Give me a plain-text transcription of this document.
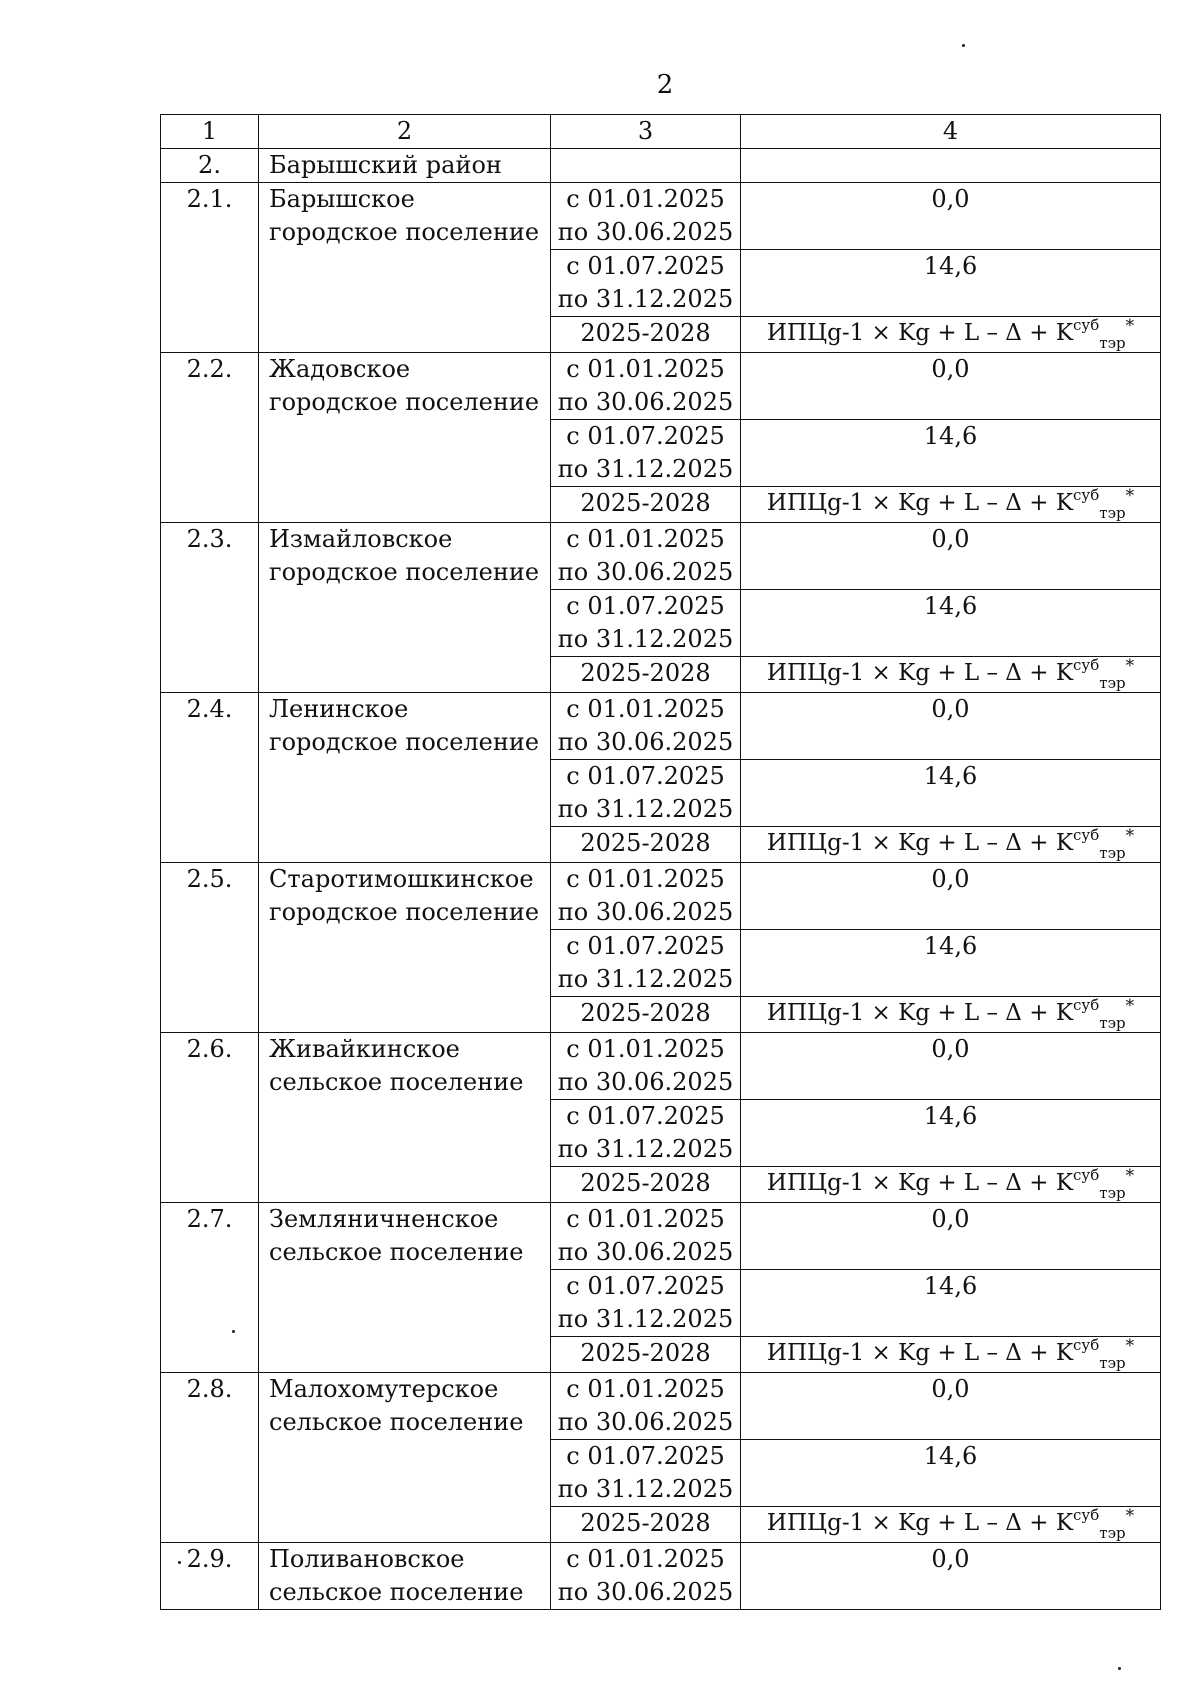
2
1	2	3	4
2.	Барышский район		
2.1.	Барышское городское поселение	с 01.01.2025 по 30.06.2025	0,0
		с 01.07.2025 по 31.12.2025	14,6
		2025-2028	ИПЦg-1 × $Kg + L - \Delta + K^{суб}_{тэр}^*$
2.2.	Жадовское городское поселение	с 01.01.2025 по 30.06.2025	0,0
		с 01.07.2025 по 31.12.2025	14,6
		2025-2028	ИПЦg-1 × $Kg + L - \Delta + K^{суб}_{тэр}^*$
2.3.	Измайловское городское поселение	с 01.01.2025 по 30.06.2025	0,0
		с 01.07.2025 по 31.12.2025	14,6
		2025-2028	ИПЦg-1 × $Kg + L - \Delta + K^{суб}_{тэр}^*$
2.4.	Ленинское городское поселение	с 01.01.2025 по 30.06.2025	0,0
		с 01.07.2025 по 31.12.2025	14,6
		2025-2028	ИПЦg-1 × $Kg + L - \Delta + K^{суб}_{тэр}^*$
2.5.	Старотимошкинское городское поселение	с 01.01.2025 по 30.06.2025	0,0
		с 01.07.2025 по 31.12.2025	14,6
		2025-2028	ИПЦg-1 × $Kg + L - \Delta + K^{суб}_{тэр}^*$
2.6.	Живайкинское сельское поселение	с 01.01.2025 по 30.06.2025	0,0
		с 01.07.2025 по 31.12.2025	14,6
		2025-2028	ИПЦg-1 × $Kg + L - \Delta + K^{суб}_{тэр}^*$
2.7.	Земляничненское сельское поселение	с 01.01.2025 по 30.06.2025	0,0
		с 01.07.2025 по 31.12.2025	14,6
		2025-2028	ИПЦg-1 × $Kg + L - \Delta + K^{суб}_{тэр}^*$
2.8.	Малохомутерское сельское поселение	с 01.01.2025 по 30.06.2025	0,0
		с 01.07.2025 по 31.12.2025	14,6
		2025-2028	ИПЦg-1 × $Kg + L - \Delta + K^{суб}_{тэр}^*$
2.9.	Поливановское сельское поселение	с 01.01.2025 по 30.06.2025	0,0
